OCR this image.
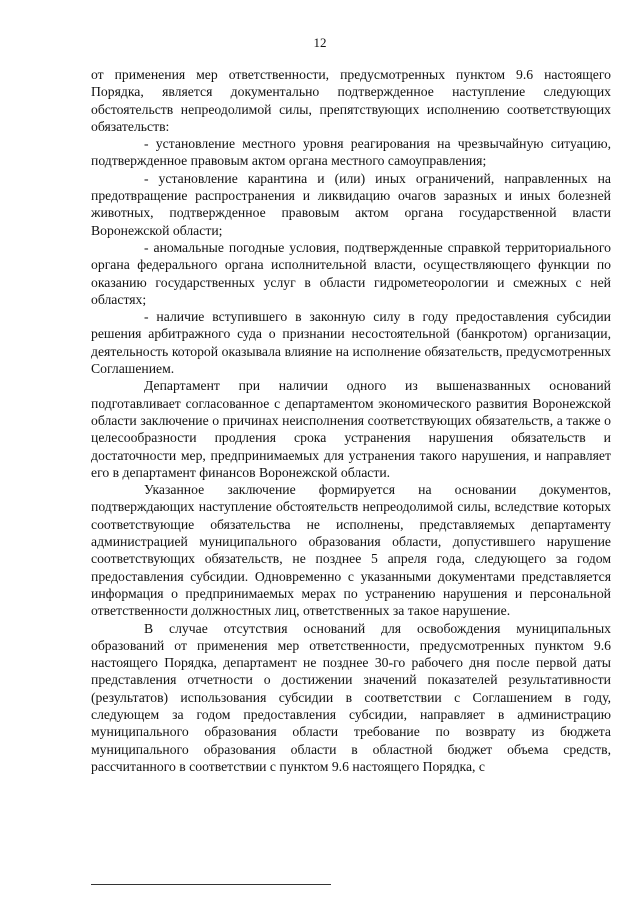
12

от применения мер ответственности, предусмотренных пунктом 9.6 настоящего Порядка, является документально подтвержденное наступление следующих обстоятельств непреодолимой силы, препятствующих исполнению соответствующих обязательств:

- установление местного уровня реагирования на чрезвычайную ситуацию, подтвержденное правовым актом органа местного самоуправления;

- установление карантина и (или) иных ограничений, направленных на предотвращение распространения и ликвидацию очагов заразных и иных болезней животных, подтвержденное правовым актом органа государственной власти Воронежской области;

- аномальные погодные условия, подтвержденные справкой территориального органа федерального органа исполнительной власти, осуществляющего функции по оказанию государственных услуг в области гидрометеорологии и смежных с ней областях;

- наличие вступившего в законную силу в году предоставления субсидии решения арбитражного суда о признании несостоятельной (банкротом) организации, деятельность которой оказывала влияние на исполнение обязательств, предусмотренных Соглашением.

Департамент при наличии одного из вышеназванных оснований подготавливает согласованное с департаментом экономического развития Воронежской области заключение о причинах неисполнения соответствующих обязательств, а также о целесообразности продления срока устранения нарушения обязательств и достаточности мер, предпринимаемых для устранения такого нарушения, и направляет его в департамент финансов Воронежской области.

Указанное заключение формируется на основании документов, подтверждающих наступление обстоятельств непреодолимой силы, вследствие которых соответствующие обязательства не исполнены, представляемых департаменту администрацией муниципального образования области, допустившего нарушение соответствующих обязательств, не позднее 5 апреля года, следующего за годом предоставления субсидии. Одновременно с указанными документами представляется информация о предпринимаемых мерах по устранению нарушения и персональной ответственности должностных лиц, ответственных за такое нарушение.

В случае отсутствия оснований для освобождения муниципальных образований от применения мер ответственности, предусмотренных пунктом 9.6 настоящего Порядка, департамент не позднее 30-го рабочего дня после первой даты представления отчетности о достижении значений показателей результативности (результатов) использования субсидии в соответствии с Соглашением в году, следующем за годом предоставления субсидии, направляет в администрацию муниципального образования области требование по возврату из бюджета муниципального образования области в областной бюджет объема средств, рассчитанного в соответствии с пунктом 9.6 настоящего Порядка, с
